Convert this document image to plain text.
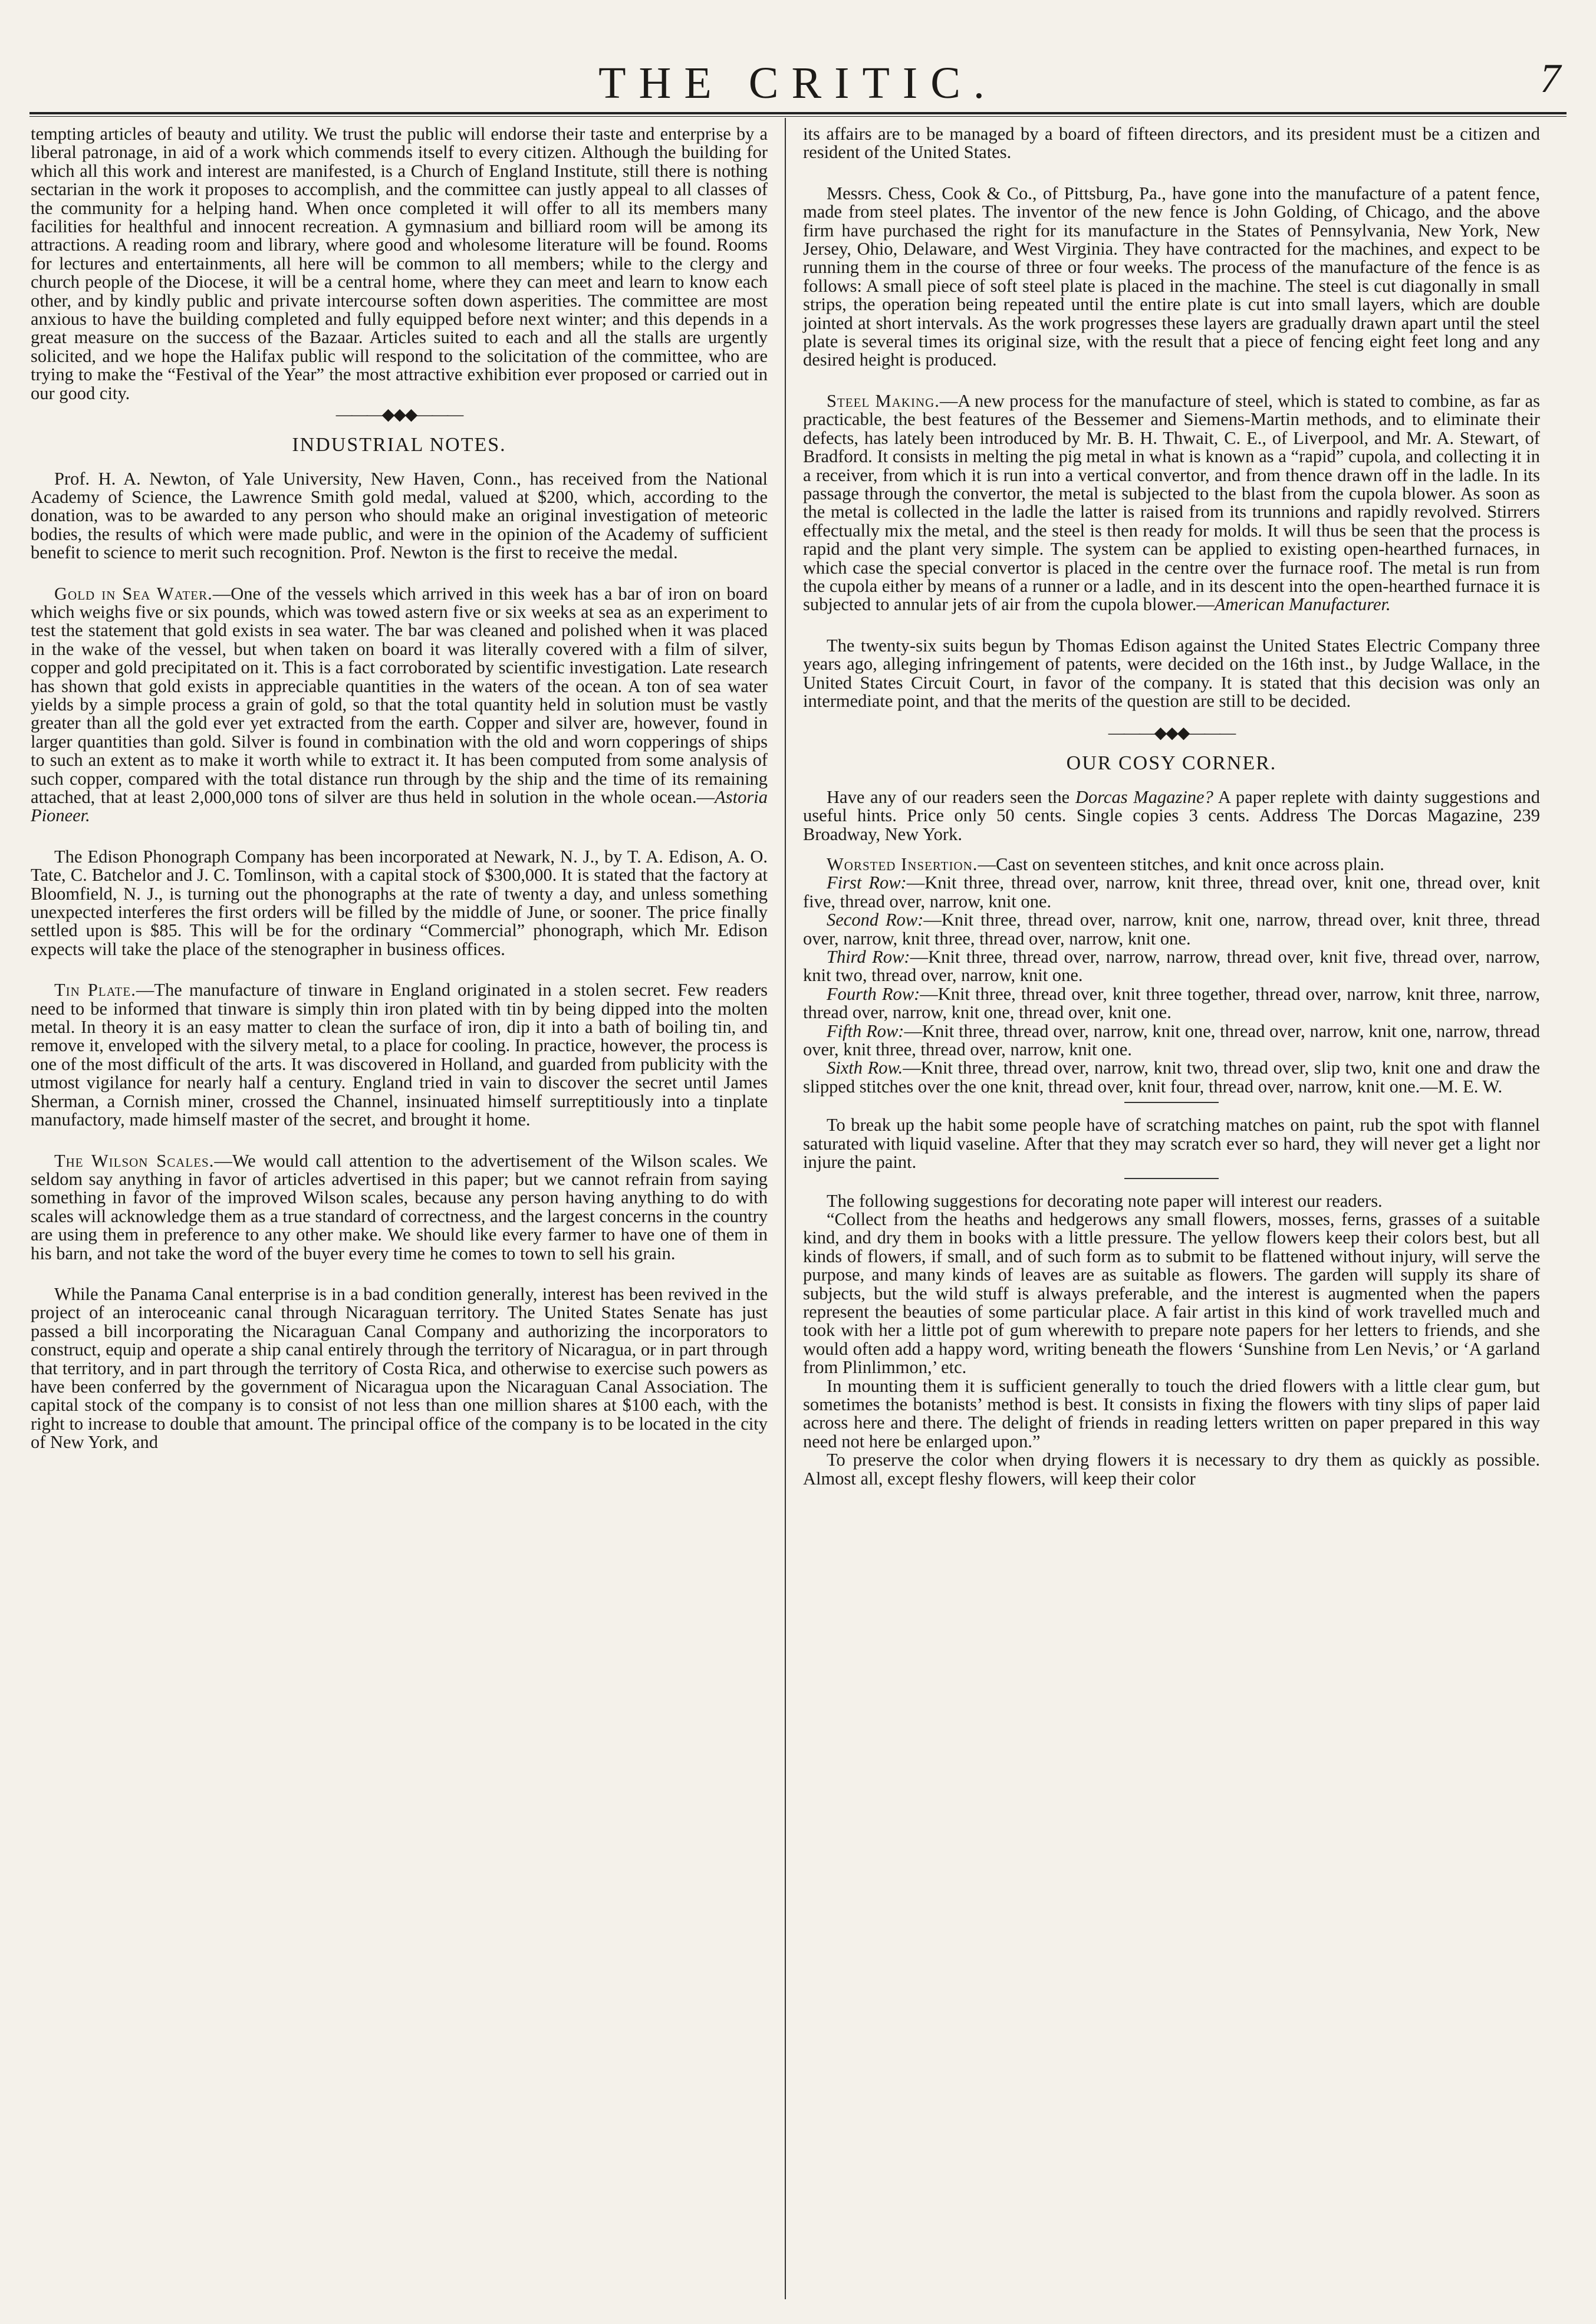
THE CRITIC.	7

tempting articles of beauty and utility. We trust the public will endorse their taste and enterprise by a liberal patronage, in aid of a work which commends itself to every citizen. Although the building for which all this work and interest are manifested, is a Church of England Institute, still there is nothing sectarian in the work it proposes to accomplish, and the committee can justly appeal to all classes of the community for a helping hand. When once completed it will offer to all its members many facilities for healthful and innocent recreation. A gymnasium and billiard room will be among its attractions. A reading room and library, where good and wholesome literature will be found. Rooms for lectures and entertainments, all here will be common to all members; while to the clergy and church people of the Diocese, it will be a central home, where they can meet and learn to know each other, and by kindly public and private intercourse soften down asperities. The committee are most anxious to have the building completed and fully equipped before next winter; and this depends in a great measure on the success of the Bazaar. Articles suited to each and all the stalls are urgently solicited, and we hope the Halifax public will respond to the solicitation of the committee, who are trying to make the “Festival of the Year” the most attractive exhibition ever proposed or carried out in our good city.

———◆◆◆———
INDUSTRIAL NOTES.

Prof. H. A. Newton, of Yale University, New Haven, Conn., has received from the National Academy of Science, the Lawrence Smith gold medal, valued at $200, which, according to the donation, was to be awarded to any person who should make an original investigation of meteoric bodies, the results of which were made public, and were in the opinion of the Academy of sufficient benefit to science to merit such recognition. Prof. Newton is the first to receive the medal.

Gold in Sea Water.—One of the vessels which arrived in this week has a bar of iron on board which weighs five or six pounds, which was towed astern five or six weeks at sea as an experiment to test the statement that gold exists in sea water. The bar was cleaned and polished when it was placed in the wake of the vessel, but when taken on board it was literally covered with a film of silver, copper and gold precipitated on it. This is a fact corroborated by scientific investigation. Late research has shown that gold exists in appreciable quantities in the waters of the ocean. A ton of sea water yields by a simple process a grain of gold, so that the total quantity held in solution must be vastly greater than all the gold ever yet extracted from the earth. Copper and silver are, however, found in larger quantities than gold. Silver is found in combination with the old and worn copperings of ships to such an extent as to make it worth while to extract it. It has been computed from some analysis of such copper, compared with the total distance run through by the ship and the time of its remaining attached, that at least 2,000,000 tons of silver are thus held in solution in the whole ocean.—Astoria Pioneer.

The Edison Phonograph Company has been incorporated at Newark, N. J., by T. A. Edison, A. O. Tate, C. Batchelor and J. C. Tomlinson, with a capital stock of $300,000. It is stated that the factory at Bloomfield, N. J., is turning out the phonographs at the rate of twenty a day, and unless something unexpected interferes the first orders will be filled by the middle of June, or sooner. The price finally settled upon is $85. This will be for the ordinary “Commercial” phonograph, which Mr. Edison expects will take the place of the stenographer in business offices.

Tin Plate.—The manufacture of tinware in England originated in a stolen secret. Few readers need to be informed that tinware is simply thin iron plated with tin by being dipped into the molten metal. In theory it is an easy matter to clean the surface of iron, dip it into a bath of boiling tin, and remove it, enveloped with the silvery metal, to a place for cooling. In practice, however, the process is one of the most difficult of the arts. It was discovered in Holland, and guarded from publicity with the utmost vigilance for nearly half a century. England tried in vain to discover the secret until James Sherman, a Cornish miner, crossed the Channel, insinuated himself surreptitiously into a tinplate manufactory, made himself master of the secret, and brought it home.

The Wilson Scales.—We would call attention to the advertisement of the Wilson scales. We seldom say anything in favor of articles advertised in this paper; but we cannot refrain from saying something in favor of the improved Wilson scales, because any person having anything to do with scales will acknowledge them as a true standard of correctness, and the largest concerns in the country are using them in preference to any other make. We should like every farmer to have one of them in his barn, and not take the word of the buyer every time he comes to town to sell his grain.

While the Panama Canal enterprise is in a bad condition generally, interest has been revived in the project of an interoceanic canal through Nicaraguan territory. The United States Senate has just passed a bill incorporating the Nicaraguan Canal Company and authorizing the incorporators to construct, equip and operate a ship canal entirely through the territory of Nicaragua, or in part through that territory, and in part through the territory of Costa Rica, and otherwise to exercise such powers as have been conferred by the government of Nicaragua upon the Nicaraguan Canal Association. The capital stock of the company is to consist of not less than one million shares at $100 each, with the right to increase to double that amount. The principal office of the company is to be located in the city of New York, and

its affairs are to be managed by a board of fifteen directors, and its president must be a citizen and resident of the United States.

Messrs. Chess, Cook & Co., of Pittsburg, Pa., have gone into the manufacture of a patent fence, made from steel plates. The inventor of the new fence is John Golding, of Chicago, and the above firm have purchased the right for its manufacture in the States of Pennsylvania, New York, New Jersey, Ohio, Delaware, and West Virginia. They have contracted for the machines, and expect to be running them in the course of three or four weeks. The process of the manufacture of the fence is as follows: A small piece of soft steel plate is placed in the machine. The steel is cut diagonally in small strips, the operation being repeated until the entire plate is cut into small layers, which are double jointed at short intervals. As the work progresses these layers are gradually drawn apart until the steel plate is several times its original size, with the result that a piece of fencing eight feet long and any desired height is produced.

Steel Making.—A new process for the manufacture of steel, which is stated to combine, as far as practicable, the best features of the Bessemer and Siemens-Martin methods, and to eliminate their defects, has lately been introduced by Mr. B. H. Thwait, C. E., of Liverpool, and Mr. A. Stewart, of Bradford. It consists in melting the pig metal in what is known as a “rapid” cupola, and collecting it in a receiver, from which it is run into a vertical convertor, and from thence drawn off in the ladle. In its passage through the convertor, the metal is subjected to the blast from the cupola blower. As soon as the metal is collected in the ladle the latter is raised from its trunnions and rapidly revolved. Stirrers effectually mix the metal, and the steel is then ready for molds. It will thus be seen that the process is rapid and the plant very simple. The system can be applied to existing open-hearthed furnaces, in which case the special convertor is placed in the centre over the furnace roof. The metal is run from the cupola either by means of a runner or a ladle, and in its descent into the open-hearthed furnace it is subjected to annular jets of air from the cupola blower.—American Manufacturer.

The twenty-six suits begun by Thomas Edison against the United States Electric Company three years ago, alleging infringement of patents, were decided on the 16th inst., by Judge Wallace, in the United States Circuit Court, in favor of the company. It is stated that this decision was only an intermediate point, and that the merits of the question are still to be decided.

———◆◆◆———
OUR COSY CORNER.

Have any of our readers seen the Dorcas Magazine? A paper replete with dainty suggestions and useful hints. Price only 50 cents. Single copies 3 cents. Address The Dorcas Magazine, 239 Broadway, New York.

Worsted Insertion.—Cast on seventeen stitches, and knit once across plain.

First Row:—Knit three, thread over, narrow, knit three, thread over, knit one, thread over, knit five, thread over, narrow, knit one.

Second Row:—Knit three, thread over, narrow, knit one, narrow, thread over, knit three, thread over, narrow, knit three, thread over, narrow, knit one.

Third Row:—Knit three, thread over, narrow, narrow, thread over, knit five, thread over, narrow, knit two, thread over, narrow, knit one.

Fourth Row:—Knit three, thread over, knit three together, thread over, narrow, knit three, narrow, thread over, narrow, knit one, thread over, knit one.

Fifth Row:—Knit three, thread over, narrow, knit one, thread over, narrow, knit one, narrow, thread over, knit three, thread over, narrow, knit one.

Sixth Row.—Knit three, thread over, narrow, knit two, thread over, slip two, knit one and draw the slipped stitches over the one knit, thread over, knit four, thread over, narrow, knit one.—M. E. W.

To break up the habit some people have of scratching matches on paint, rub the spot with flannel saturated with liquid vaseline. After that they may scratch ever so hard, they will never get a light nor injure the paint.

The following suggestions for decorating note paper will interest our readers.

“Collect from the heaths and hedgerows any small flowers, mosses, ferns, grasses of a suitable kind, and dry them in books with a little pressure. The yellow flowers keep their colors best, but all kinds of flowers, if small, and of such form as to submit to be flattened without injury, will serve the purpose, and many kinds of leaves are as suitable as flowers. The garden will supply its share of subjects, but the wild stuff is always preferable, and the interest is augmented when the papers represent the beauties of some particular place. A fair artist in this kind of work travelled much and took with her a little pot of gum wherewith to prepare note papers for her letters to friends, and she would often add a happy word, writing beneath the flowers ‘Sunshine from Len Nevis,’ or ‘A garland from Plinlimmon,’ etc.

In mounting them it is sufficient generally to touch the dried flowers with a little clear gum, but sometimes the botanists’ method is best. It consists in fixing the flowers with tiny slips of paper laid across here and there. The delight of friends in reading letters written on paper prepared in this way need not here be enlarged upon.”

To preserve the color when drying flowers it is necessary to dry them as quickly as possible. Almost all, except fleshy flowers, will keep their color
